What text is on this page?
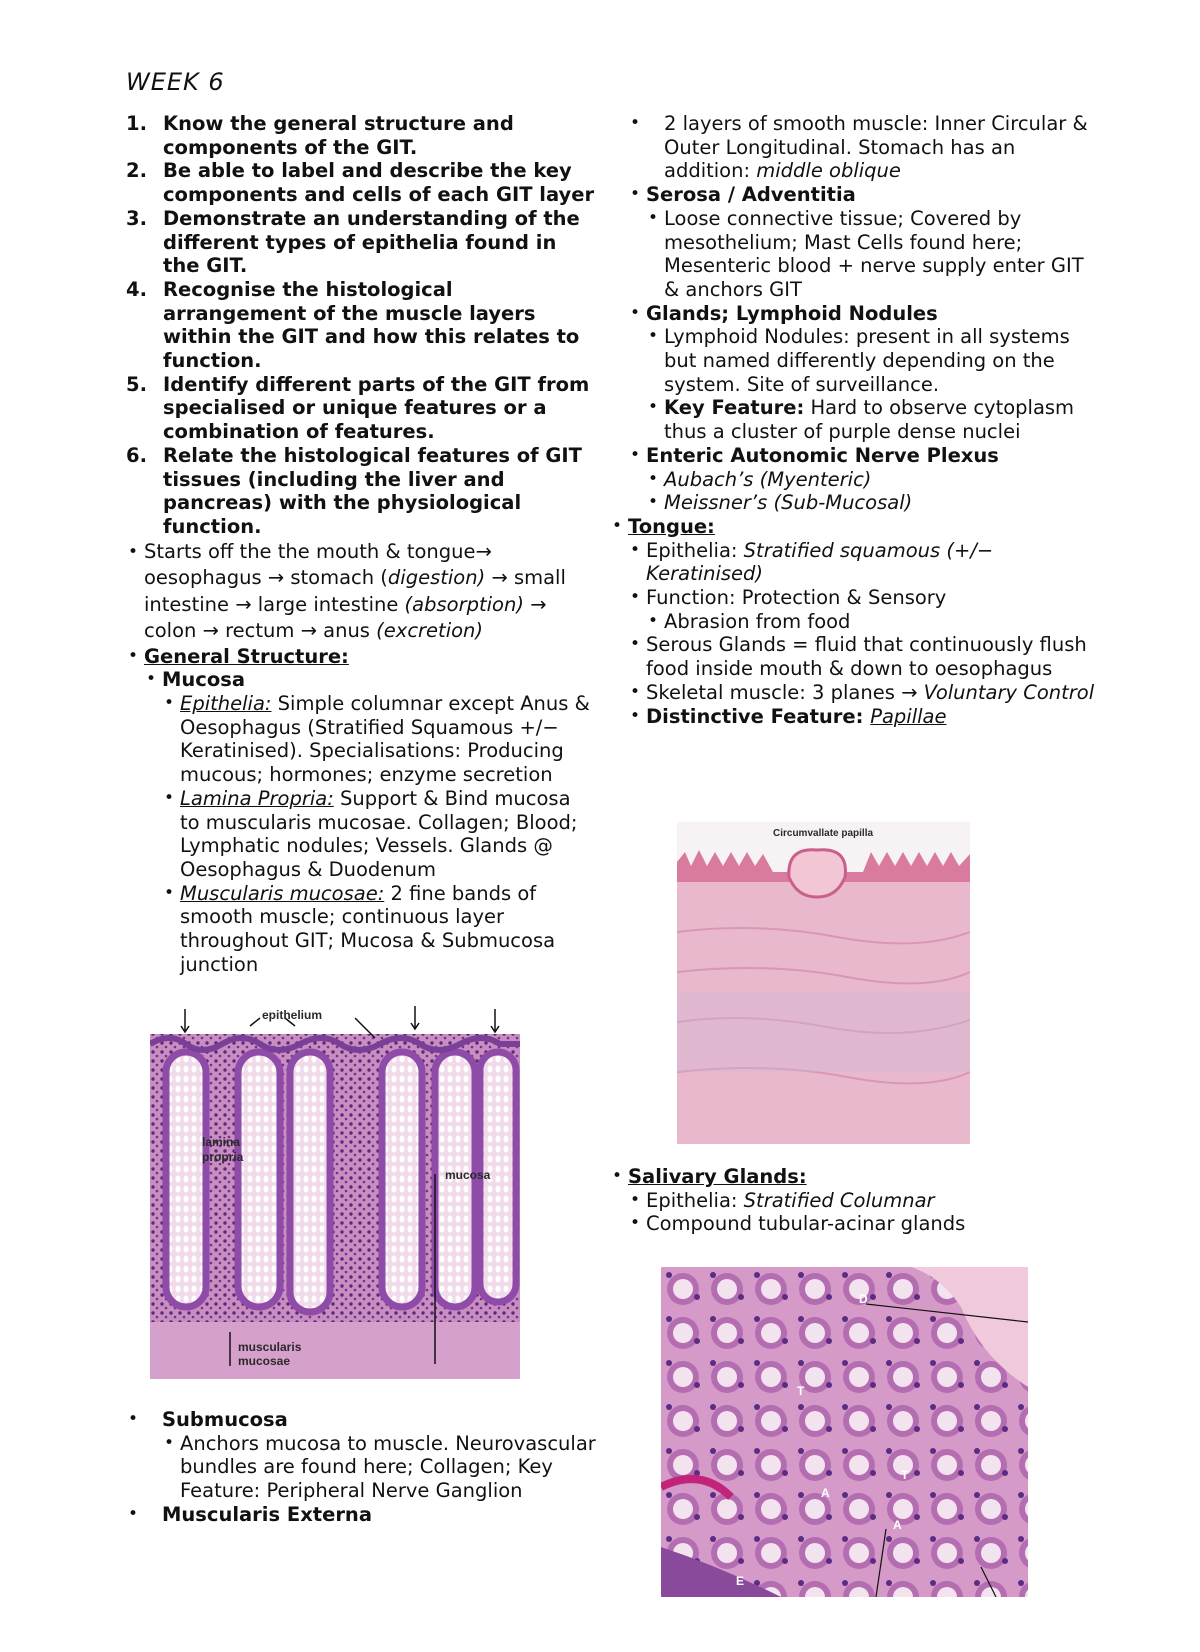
WEEK 6
1. Know the general structure and components of the GIT.
2. Be able to label and describe the key components and cells of each GIT layer
3. Demonstrate an understanding of the different types of epithelia found in the GIT.
4. Recognise the histological arrangement of the muscle layers within the GIT and how this relates to function.
5. Identify different parts of the GIT from specialised or unique features or a combination of features.
6. Relate the histological features of GIT tissues (including the liver and pancreas) with the physiological function.
• Starts off the the mouth & tongue→ oesophagus → stomach (digestion) → small intestine → large intestine (absorption) → colon → rectum → anus (excretion)
• General Structure:
• Mucosa
• Epithelia: Simple columnar except Anus & Oesophagus (Stratified Squamous +/− Keratinised). Specialisations: Producing mucous; hormones; enzyme secretion
• Lamina Propria: Support & Bind mucosa to muscularis mucosae. Collagen; Blood; Lymphatic nodules; Vessels. Glands @ Oesophagus & Duodenum
• Muscularis mucosae: 2 fine bands of smooth muscle; continuous layer throughout GIT; Mucosa & Submucosa junction
epithelium
lamina
propria
mucosa
muscularis
mucosae
• Submucosa
• Anchors mucosa to muscle. Neurovascular bundles are found here; Collagen; Key Feature: Peripheral Nerve Ganglion
• Muscularis Externa
• 2 layers of smooth muscle: Inner Circular & Outer Longitudinal. Stomach has an addition: middle oblique
• Serosa / Adventitia
• Loose connective tissue; Covered by mesothelium; Mast Cells found here; Mesenteric blood + nerve supply enter GIT & anchors GIT
• Glands; Lymphoid Nodules
• Lymphoid Nodules: present in all systems but named differently depending on the system. Site of surveillance.
• Key Feature: Hard to observe cytoplasm thus a cluster of purple dense nuclei
• Enteric Autonomic Nerve Plexus
• Aubach’s (Myenteric)
• Meissner’s (Sub-Mucosal)
• Tongue:
• Epithelia: Stratified squamous (+/− Keratinised)
• Function: Protection & Sensory
• Abrasion from food
• Serous Glands = fluid that continuously flush food inside mouth & down to oesophagus
• Skeletal muscle: 3 planes → Voluntary Control
• Distinctive Feature: Papillae
Circumvallate papilla
• Salivary Glands:
• Epithelia: Stratified Columnar
• Compound tubular-acinar glands
D
T
T
A
A
E
